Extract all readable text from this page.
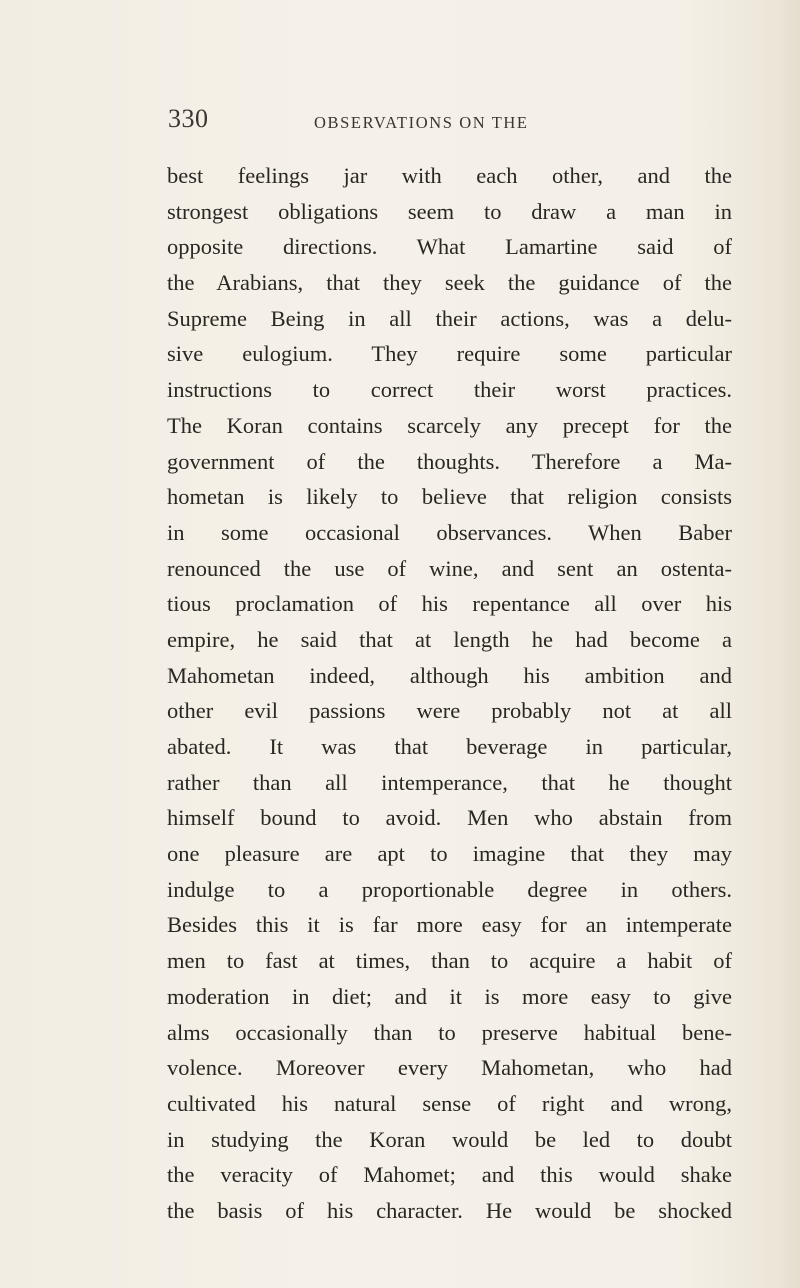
330	OBSERVATIONS ON THE
best feelings jar with each other, and the
strongest obligations seem to draw a man in
opposite directions. What Lamartine said of
the Arabians, that they seek the guidance of the
Supreme Being in all their actions, was a delu-
sive eulogium. They require some particular
instructions to correct their worst practices.
The Koran contains scarcely any precept for the
government of the thoughts. Therefore a Ma-
hometan is likely to believe that religion consists
in some occasional observances. When Baber
renounced the use of wine, and sent an ostenta-
tious proclamation of his repentance all over his
empire, he said that at length he had become a
Mahometan indeed, although his ambition and
other evil passions were probably not at all
abated. It was that beverage in particular,
rather than all intemperance, that he thought
himself bound to avoid. Men who abstain from
one pleasure are apt to imagine that they may
indulge to a proportionable degree in others.
Besides this it is far more easy for an intemperate
men to fast at times, than to acquire a habit of
moderation in diet; and it is more easy to give
alms occasionally than to preserve habitual bene-
volence. Moreover every Mahometan, who had
cultivated his natural sense of right and wrong,
in studying the Koran would be led to doubt
the veracity of Mahomet; and this would shake
the basis of his character. He would be shocked
